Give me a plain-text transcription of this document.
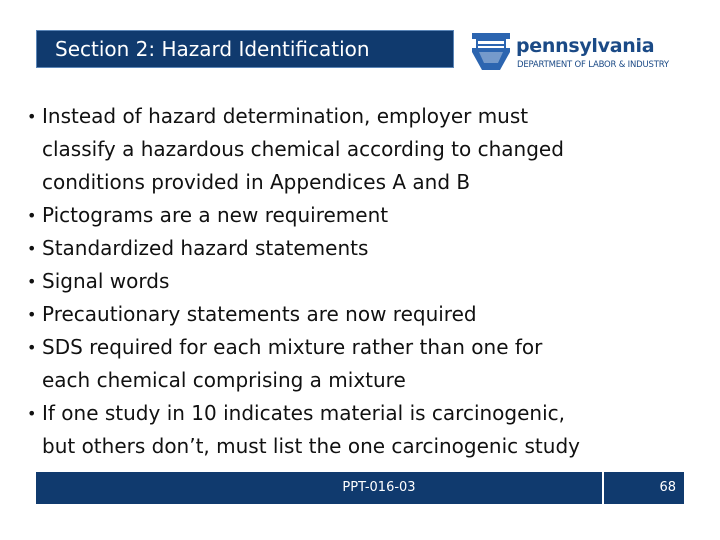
Section 2: Hazard Identification	pennsylvania
DEPARTMENT OF LABOR & INDUSTRY
• Instead of hazard determination, employer must
classify a hazardous chemical according to changed
conditions provided in Appendices A and B
• Pictograms are a new requirement
• Standardized hazard statements
• Signal words
• Precautionary statements are now required
• SDS required for each mixture rather than one for
each chemical comprising a mixture
• If one study in 10 indicates material is carcinogenic,
but others don’t, must list the one carcinogenic study
68
PPT-016-03
